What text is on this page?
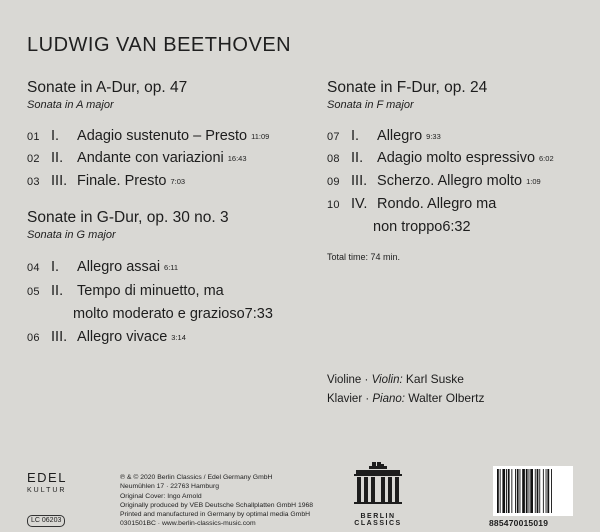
LUDWIG VAN BEETHOVEN
Sonate in A-Dur, op. 47
Sonata in A major
01 I. Adagio sustenuto – Presto 11:09
02 II. Andante con variazioni 16:43
03 III. Finale. Presto 7:03
Sonate in G-Dur, op. 30 no. 3
Sonata in G major
04 I. Allegro assai 6:11
05 II. Tempo di minuetto, ma
molto moderato e grazioso7:33
06 III. Allegro vivace 3:14
Sonate in F-Dur, op. 24
Sonata in F major
07 I. Allegro 9:33
08 II. Adagio molto espressivo 6:02
09 III. Scherzo. Allegro molto 1:09
10 IV. Rondo. Allegro ma
non troppo6:32
Total time: 74 min.
Violine · Violin: Karl Suske
Klavier · Piano: Walter Olbertz
EDEL
KULTUR
LC 06203
℗ & © 2020 Berlin Classics / Edel Germany GmbH
Neumühlen 17 · 22763 Hamburg
Original Cover: Ingo Arnold
Originally produced by VEB Deutsche Schallplatten GmbH 1968
Printed and manufactured in Germany by optimal media GmbH
0301501BC · www.berlin-classics-music.com
BERLIN
CLASSICS	885470015019
